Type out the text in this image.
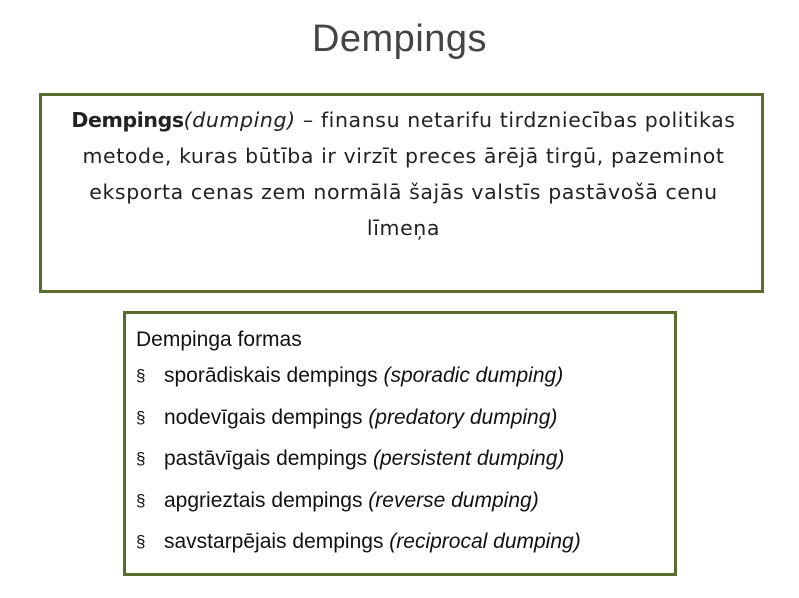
Dempings
Dempings(dumping) – finansu netarifu tirdzniecības politikas metode, kuras būtība ir virzīt preces ārējā tirgū, pazeminot eksporta cenas zem normālā šajās valstīs pastāvošā cenu līmeņa
Dempinga formas
§ sporādiskais dempings (sporadic dumping)
§ nodevīgais dempings (predatory dumping)
§ pastāvīgais dempings (persistent dumping)
§ apgrieztais dempings (reverse dumping)
§ savstarpējais dempings (reciprocal dumping)
